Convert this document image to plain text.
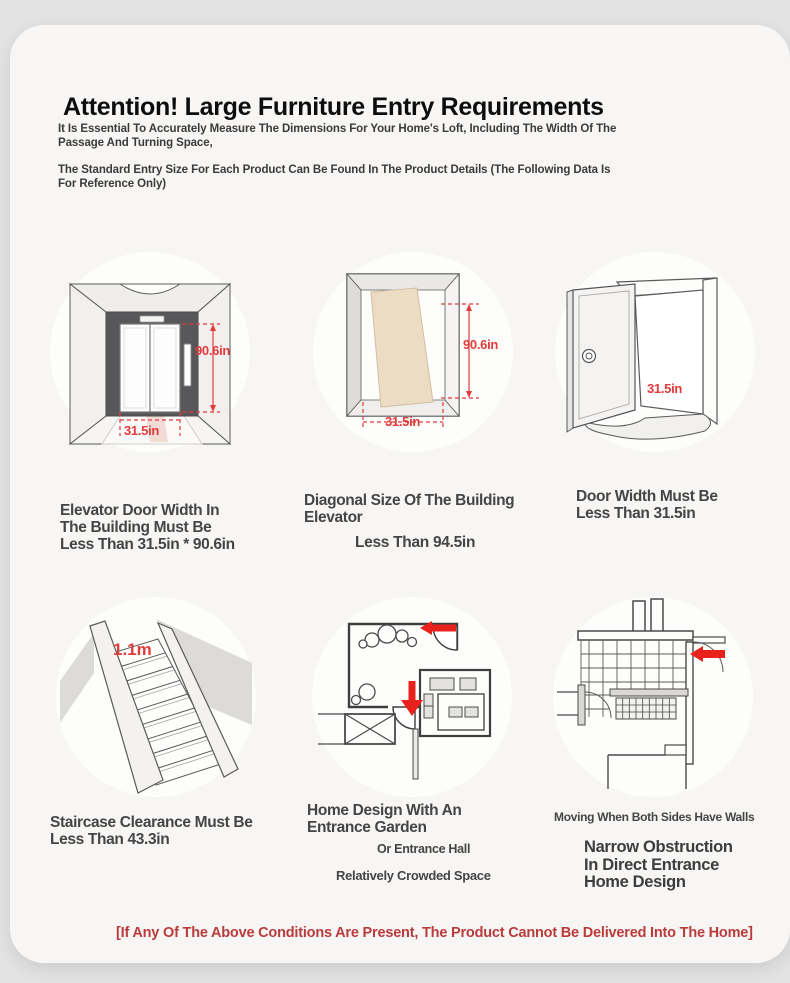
Attention! Large Furniture Entry Requirements
It Is Essential To Accurately Measure The Dimensions For Your Home's Loft, Including The Width Of The Passage And Turning Space,
The Standard Entry Size For Each Product Can Be Found In The Product Details (The Following Data Is For Reference Only)
90.6in
31.5in
90.6in
31.5in
31.5in
1.1m
Elevator Door Width In
The Building Must Be
Less Than 31.5in * 90.6in
Diagonal Size Of The Building
Elevator
Less Than 94.5in
Door Width Must Be
Less Than 31.5in
Staircase Clearance Must Be
Less Than 43.3in
Home Design With An
Entrance Garden
Or Entrance Hall
Relatively Crowded Space
Moving When Both Sides Have Walls
Narrow Obstruction
In Direct Entrance
Home Design
[If Any Of The Above Conditions Are Present, The Product Cannot Be Delivered Into The Home]
